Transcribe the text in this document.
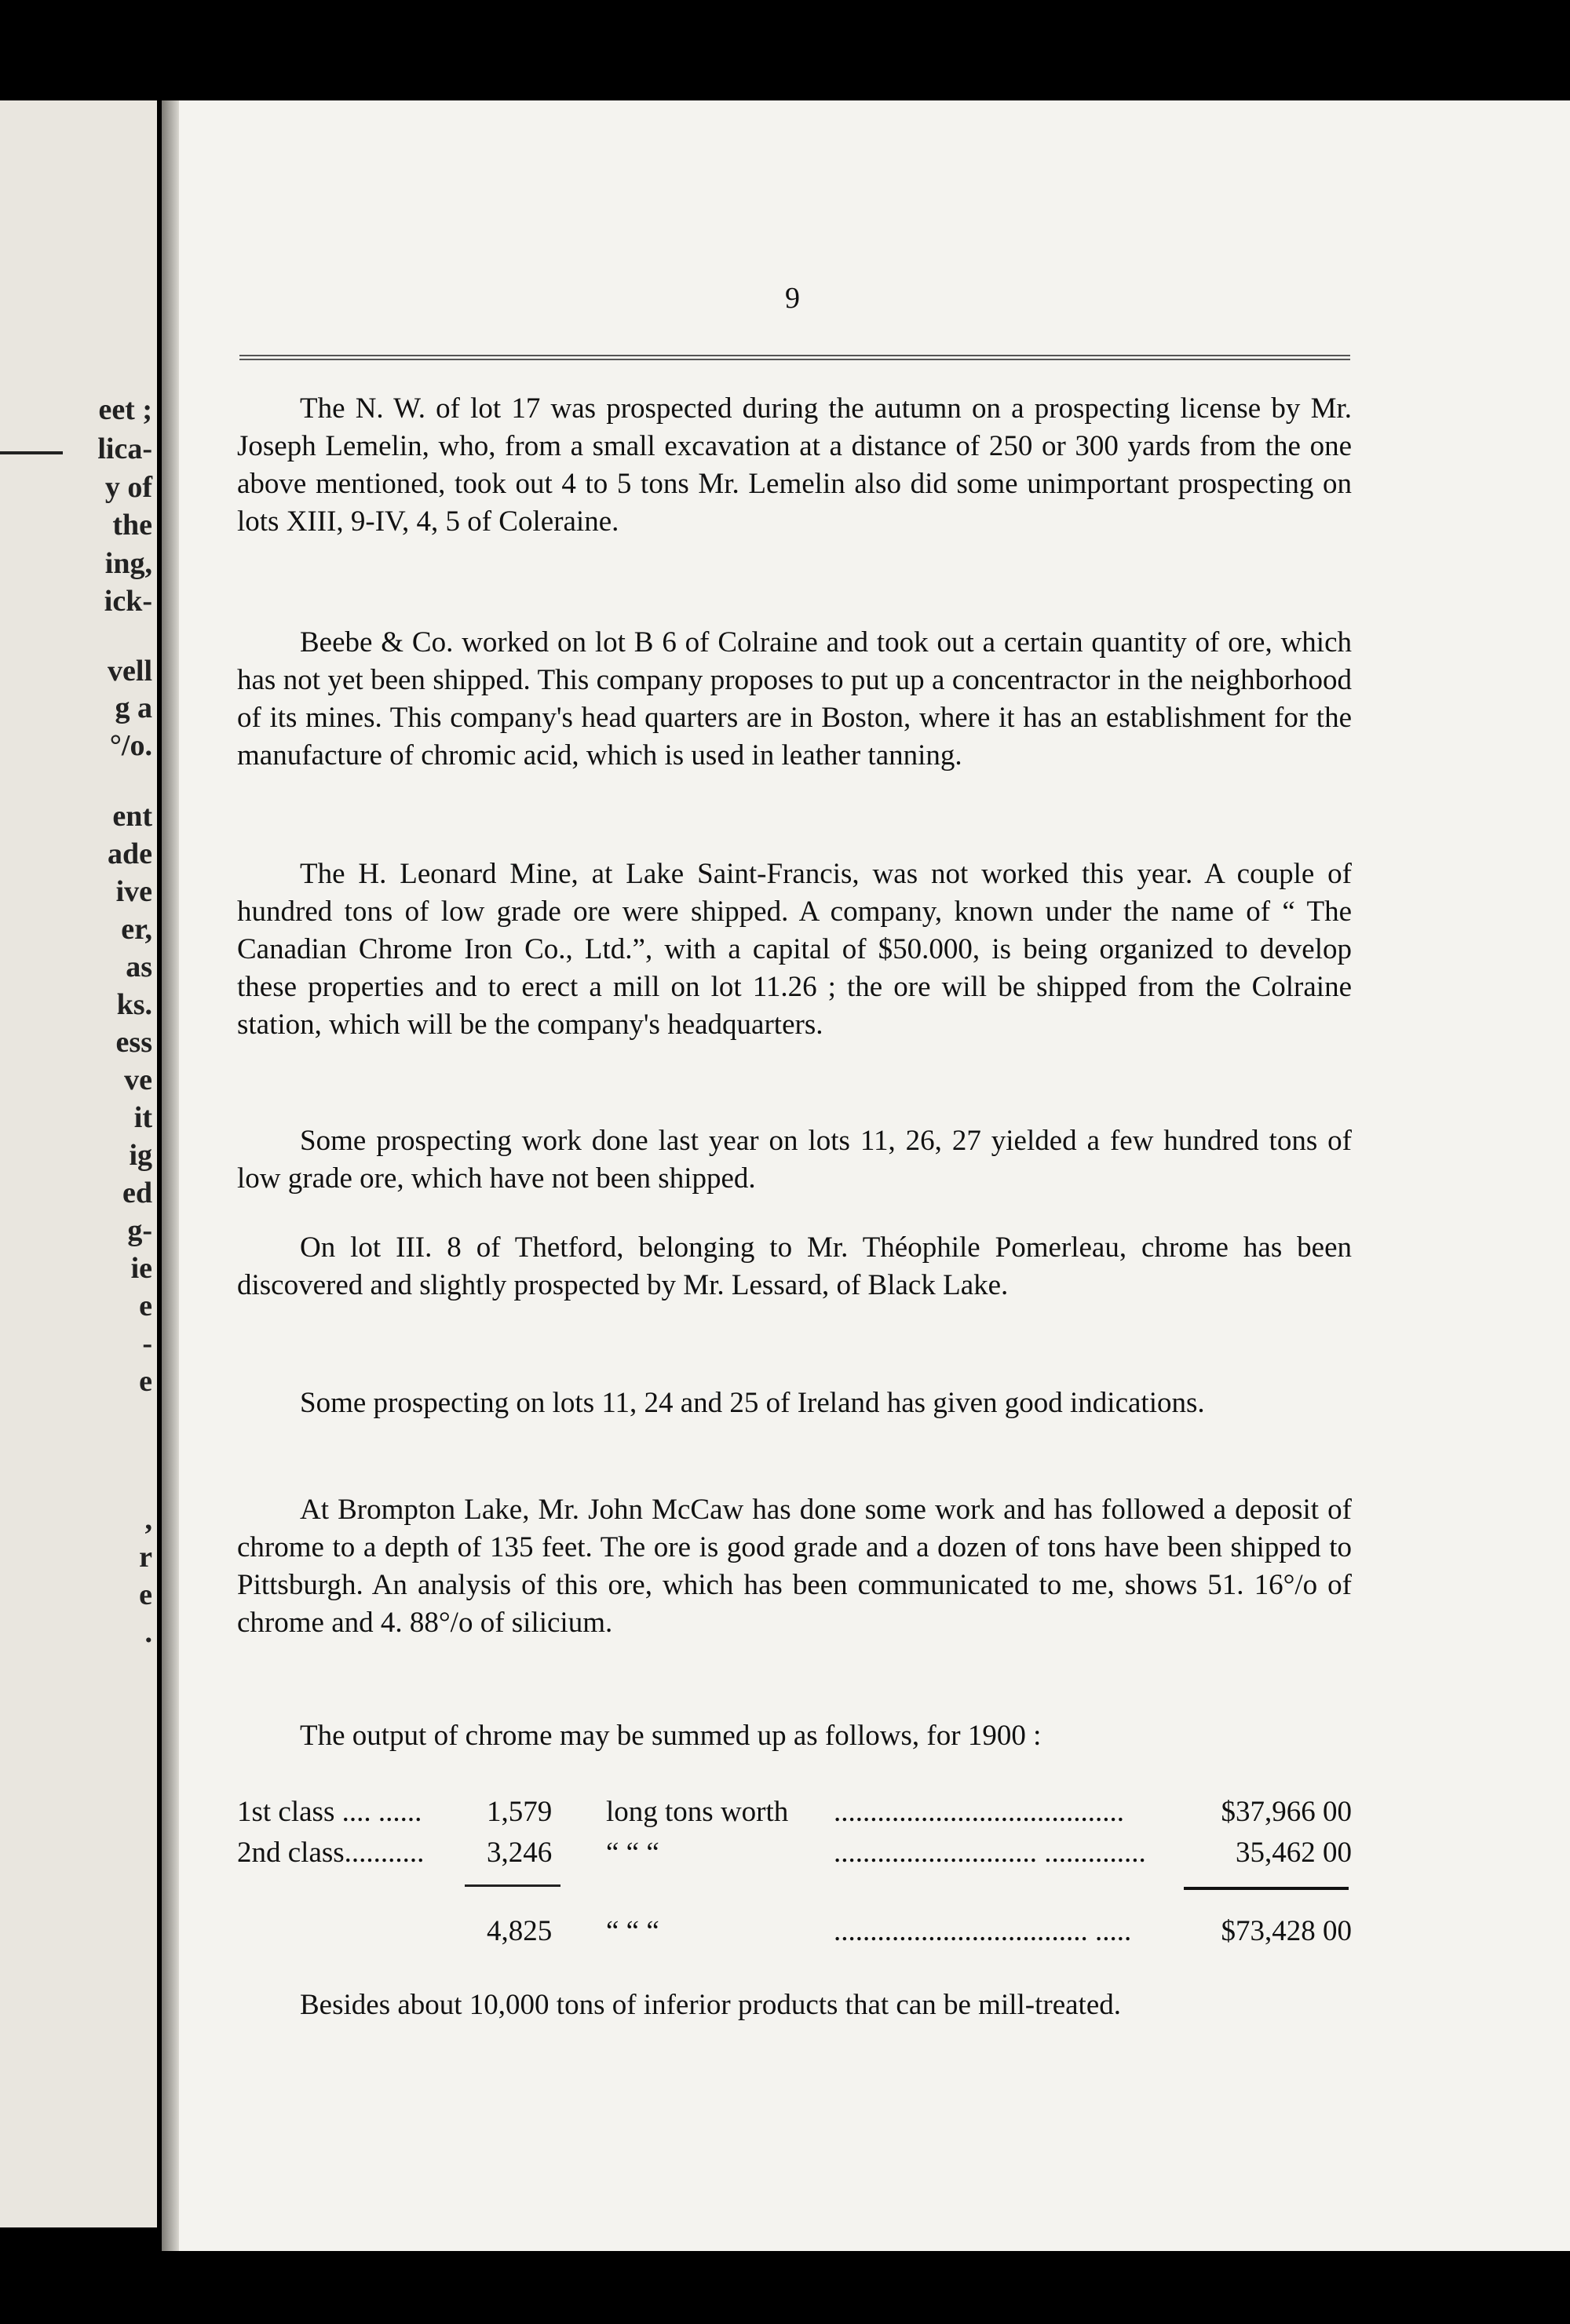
eet ;
lica-
y of
the
ing,
ick-
vell
g a
°/o.
ent
ade
ive
er,
as
ks.
ess
ve
it
ig
ed
g-
ie
e
-
e
,
r
e
.
9

The N. W. of lot 17 was prospected during the autumn on a prospecting license by Mr. Joseph Lemelin, who, from a small excavation at a distance of 250 or 300 yards from the one above mentioned, took out 4 to 5 tons Mr. Lemelin also did some unimportant prospecting on lots XIII, 9-IV, 4, 5 of Coleraine.

Beebe & Co. worked on lot B 6 of Colraine and took out a certain quantity of ore, which has not yet been shipped. This company proposes to put up a concentractor in the neighborhood of its mines. This company's head quarters are in Boston, where it has an establishment for the manufacture of chromic acid, which is used in leather tanning.

The H. Leonard Mine, at Lake Saint-Francis, was not worked this year. A couple of hundred tons of low grade ore were shipped. A company, known under the name of “ The Canadian Chrome Iron Co., Ltd.”, with a capital of $50.000, is being organized to develop these properties and to erect a mill on lot 11.26 ; the ore will be shipped from the Colraine station, which will be the company's headquarters.

Some prospecting work done last year on lots 11, 26, 27 yielded a few hundred tons of low grade ore, which have not been shipped.

On lot III. 8 of Thetford, belonging to Mr. Théophile Pomerleau, chrome has been discovered and slightly prospected by Mr. Lessard, of Black Lake.

Some prospecting on lots 11, 24 and 25 of Ireland has given good indications.

At Brompton Lake, Mr. John McCaw has done some work and has followed a deposit of chrome to a depth of 135 feet. The ore is good grade and a dozen of tons have been shipped to Pittsburgh. An analysis of this ore, which has been communicated to me, shows 51. 16°/o of chrome and 4. 88°/o of silicium.

The output of chrome may be summed up as follows, for 1900 :

1st class .... ...... 1,579 long tons worth ........................................	$37,966 00
2nd class........... 3,246 “ “ “	............................ ..............	35,462 00
4,825 “ “ “	................................... .....	$73,428 00

Besides about 10,000 tons of inferior products that can be mill-treated.
